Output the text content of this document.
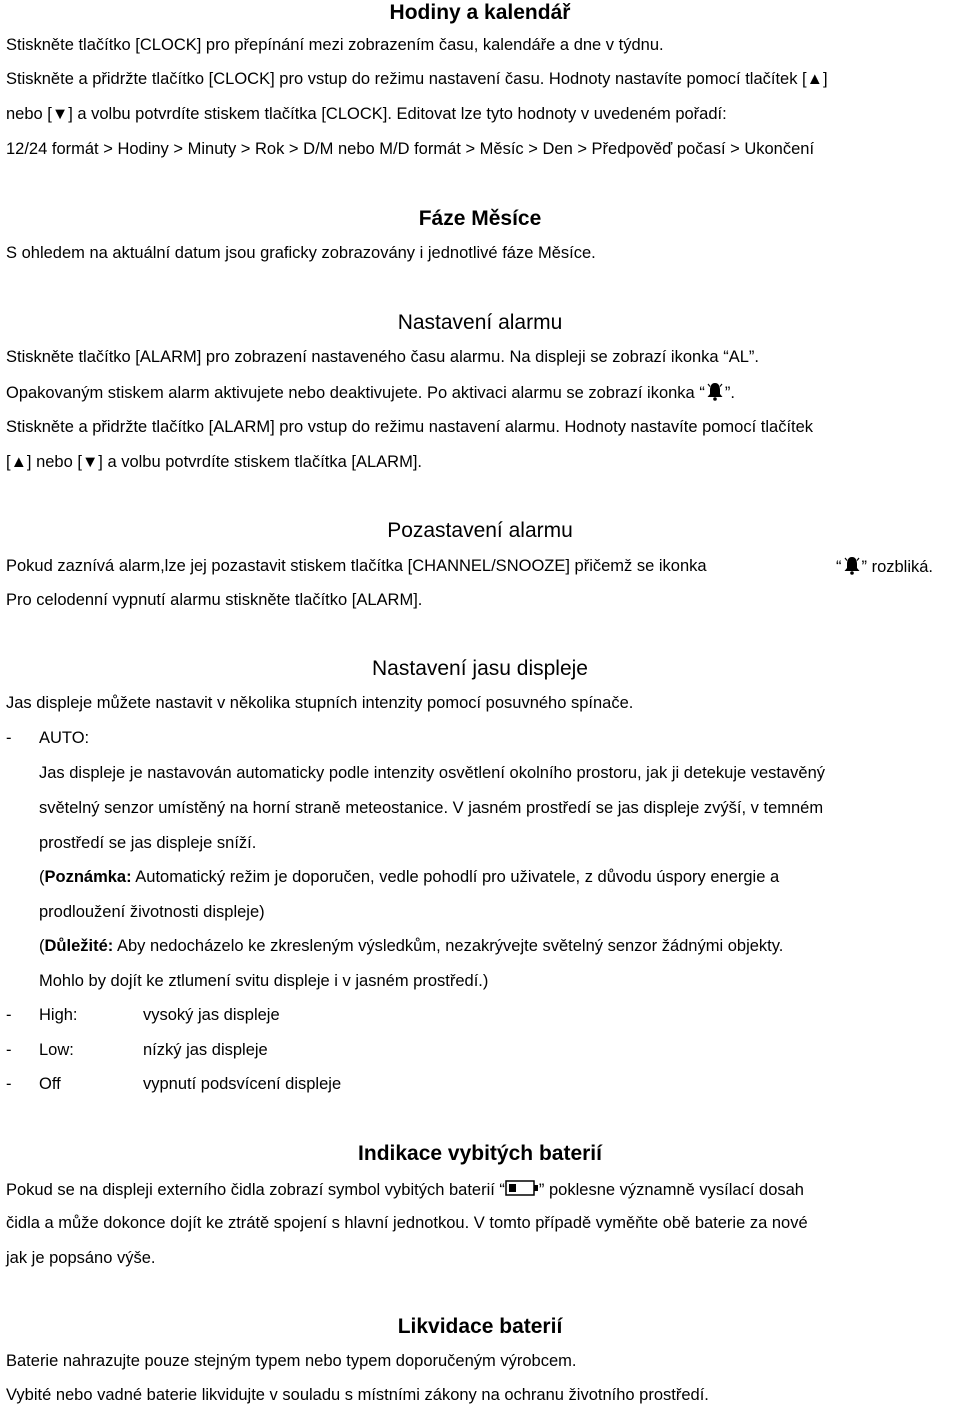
Hodiny a kalendář

Stiskněte tlačítko [CLOCK] pro přepínání mezi zobrazením času, kalendáře a dne v týdnu.

Stiskněte a přidržte tlačítko [CLOCK] pro vstup do režimu nastavení času. Hodnoty nastavíte pomocí tlačítek [▲]

nebo [▼] a volbu potvrdíte stiskem tlačítka [CLOCK]. Editovat lze tyto hodnoty v uvedeném pořadí:

12/24 formát > Hodiny > Minuty > Rok > D/M nebo M/D formát > Měsíc > Den > Předpověď počasí > Ukončení

Fáze Měsíce

S ohledem na aktuální datum jsou graficky zobrazovány i jednotlivé fáze Měsíce.

Nastavení alarmu

Stiskněte tlačítko [ALARM] pro zobrazení nastaveného času alarmu. Na displeji se zobrazí ikonka “AL”.

Opakovaným stiskem alarm aktivujete nebo deaktivujete. Po aktivaci alarmu se zobrazí ikonka “ ”.

Stiskněte a přidržte tlačítko [ALARM] pro vstup do režimu nastavení alarmu. Hodnoty nastavíte pomocí tlačítek

[▲] nebo [▼] a volbu potvrdíte stiskem tlačítka [ALARM].

Pozastavení alarmu

Pokud zaznívá alarm,lze jej pozastavit stiskem tlačítka [CHANNEL/SNOOZE] přičemž se ikonka	“ ” rozbliká.

Pro celodenní vypnutí alarmu stiskněte tlačítko [ALARM].

Nastavení jasu displeje

Jas displeje můžete nastavit v několika stupních intenzity pomocí posuvného spínače.

- AUTO:

Jas displeje je nastavován automaticky podle intenzity osvětlení okolního prostoru, jak ji detekuje vestavěný

světelný senzor umístěný na horní straně meteostanice. V jasném prostředí se jas displeje zvýší, v temném

prostředí se jas displeje sníží.

(Poznámka: Automatický režim je doporučen, vedle pohodlí pro uživatele, z důvodu úspory energie a

prodloužení životnosti displeje)

(Důležité: Aby nedocházelo ke zkresleným výsledkům, nezakrývejte světelný senzor žádnými objekty.

Mohlo by dojít ke ztlumení svitu displeje i v jasném prostředí.)

- High:	vysoký jas displeje
- Low:	nízký jas displeje
- Off	vypnutí podsvícení displeje
Indikace vybitých baterií

Pokud se na displeji externího čidla zobrazí symbol vybitých baterií “ ” poklesne významně vysílací dosah

čidla a může dokonce dojít ke ztrátě spojení s hlavní jednotkou. V tomto případě vyměňte obě baterie za nové

jak je popsáno výše.

Likvidace baterií

Baterie nahrazujte pouze stejným typem nebo typem doporučeným výrobcem.

Vybité nebo vadné baterie likvidujte v souladu s místními zákony na ochranu životního prostředí.
